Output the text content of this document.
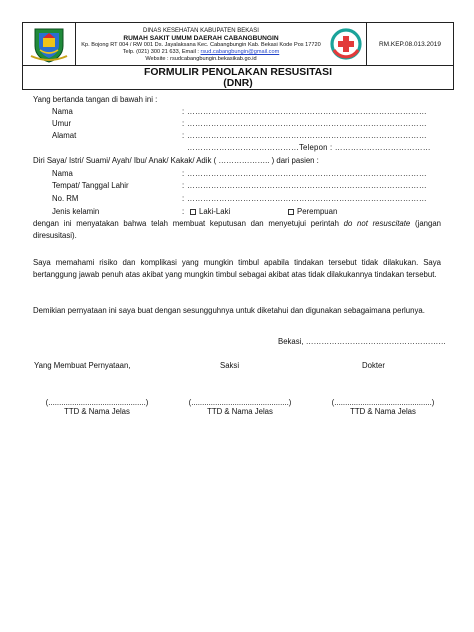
DINAS KESEHATAN KABUPATEN BEKASI
RUMAH SAKIT UMUM DAERAH CABANGBUNGIN
Kp. Bojong RT 004 / RW 001 Ds. Jayalaksana Kec. Cabangbungin Kab. Bekasi Kode Pos 17720
Telp. (021) 300 21 633, Email : rsud.cabangbungin@gmail.com
Website : rsudcabangbungin.bekasikab.go.id
RM.KEP.08.013.2019
FORMULIR PENOLAKAN RESUSITASI
(DNR)
Yang bertanda tangan di bawah ini :
Nama	: ………………………………………………………………………………
Umur	: ………………………………………………………………………………
Alamat	: ………………………………………………………………………………
……………………………………Telepon : ………………………………
Diri Saya/ Istri/ Suami/ Ayah/ Ibu/ Anak/ Kakak/ Adik ( ……………….. ) dari pasien :
Nama	: ………………………………………………………………………………
Tempat/ Tanggal Lahir	: ………………………………………………………………………………
No. RM	: ………………………………………………………………………………
Jenis kelamin	:	Laki-Laki	Perempuan
dengan ini menyatakan bahwa telah membuat keputusan dan menyetujui perintah do not resuscitate (jangan diresusitasi).
Saya memahami risiko dan komplikasi yang mungkin timbul apabila tindakan tersebut tidak dilakukan. Saya bertanggung jawab penuh atas akibat yang mungkin timbul sebagai akibat atas tidak dilakukannya tindakan tersebut.
Demikian pernyataan ini saya buat dengan sesungguhnya untuk diketahui dan digunakan sebagaimana perlunya.
Bekasi, ………………………………………………
Yang Membuat Pernyataan,	Saksi	Dokter
(.............................................)	(.............................................)	(.............................................)
TTD & Nama Jelas	TTD & Nama Jelas	TTD & Nama Jelas
